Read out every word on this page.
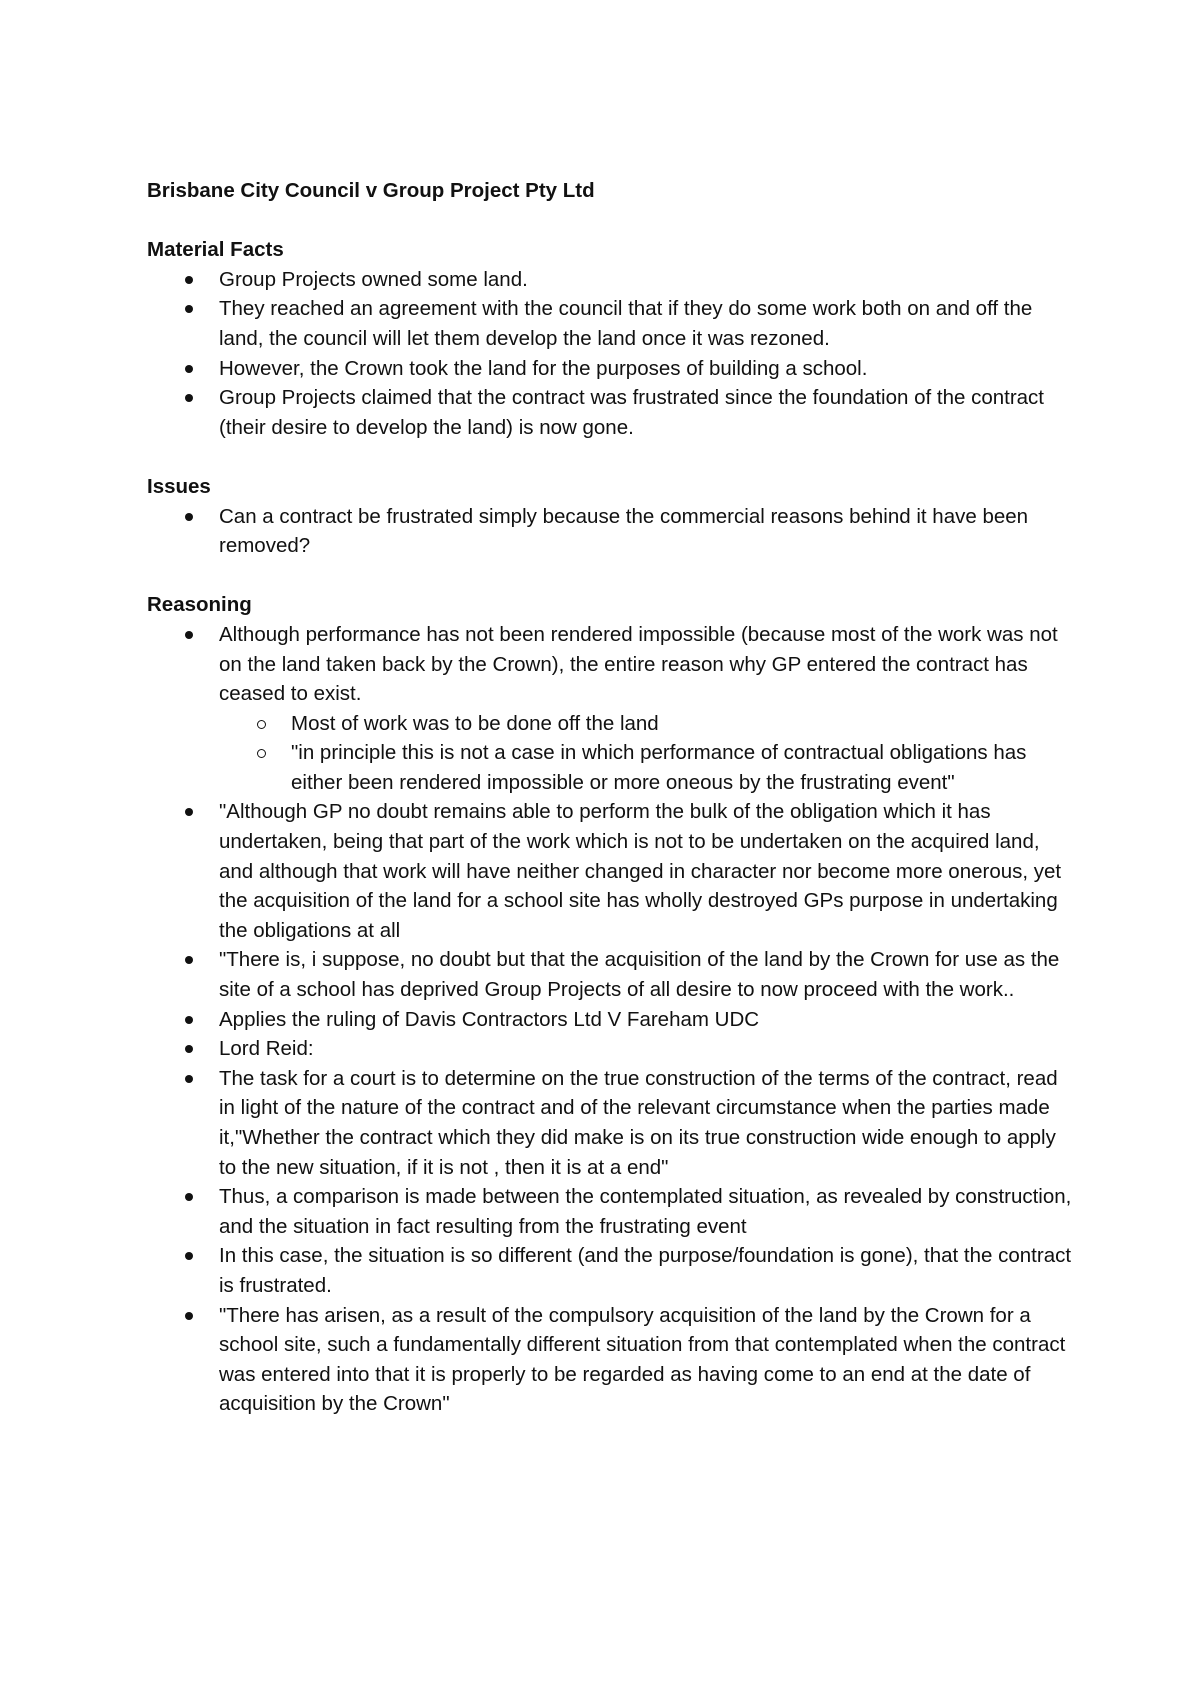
Brisbane City Council v Group Project Pty Ltd

Material Facts

Group Projects owned some land.
They reached an agreement with the council that if they do some work both on and off the land, the council will let them develop the land once it was rezoned.
However, the Crown took the land for the purposes of building a school.
Group Projects claimed that the contract was frustrated since the foundation of the contract (their desire to develop the land) is now gone.

Issues

Can a contract be frustrated simply because the commercial reasons behind it have been removed?

Reasoning

Although performance has not been rendered impossible (because most of the work was not on the land taken back by the Crown), the entire reason why GP entered the contract has ceased to exist.
Most of work was to be done off the land
"in principle this is not a case in which performance of contractual obligations has either been rendered impossible or more oneous by the frustrating event"
"Although GP no doubt remains able to perform the bulk of the obligation which it has undertaken, being that part of the work which is not to be undertaken on the acquired land, and although that work will have neither changed in character nor become more onerous, yet the acquisition of the land for a school site has wholly destroyed GPs purpose in undertaking the obligations at all
"There is, i suppose, no doubt but that the acquisition of the land by the Crown for use as the site of a school has deprived Group Projects of all desire to now proceed with the work..
Applies the ruling of Davis Contractors Ltd V Fareham UDC
Lord Reid:
The task for a court is to determine on the true construction of the terms of the contract, read in light of the nature of the contract and of the relevant circumstance when the parties made it,"Whether the contract which they did make is on its true construction wide enough to apply to the new situation, if it is not , then it is at a end"
Thus, a comparison is made between the contemplated situation, as revealed by construction, and the situation in fact resulting from the frustrating event
In this case, the situation is so different (and the purpose/foundation is gone), that the contract is frustrated.
"There has arisen, as a result of the compulsory acquisition of the land by the Crown for a school site, such a fundamentally different situation from that contemplated when the contract was entered into that it is properly to be regarded as having come to an end at the date of acquisition by the Crown"
